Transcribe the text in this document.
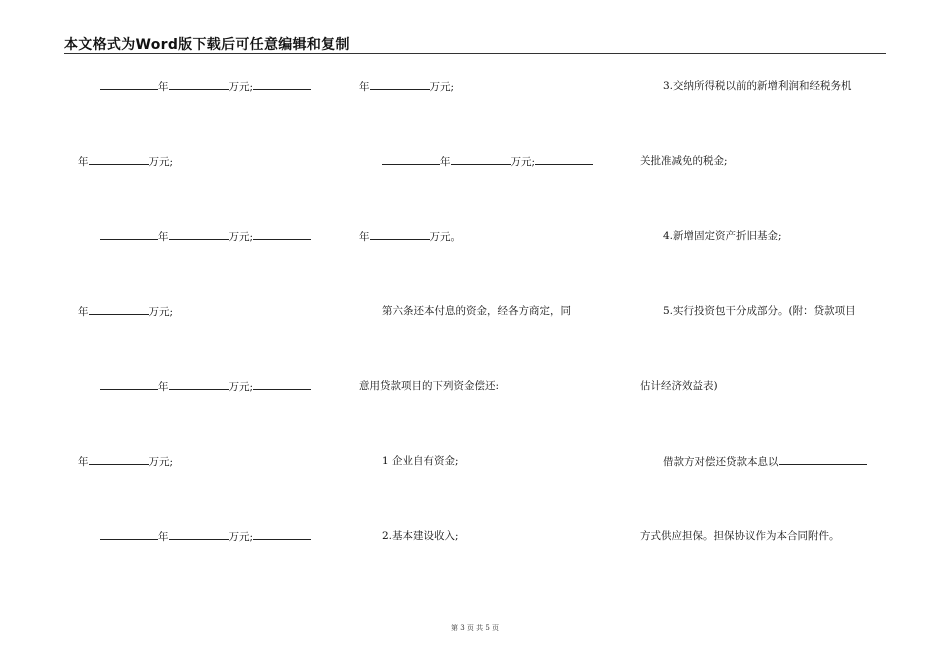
本文格式为Word版下载后可任意编辑和复制
年	万元;
年	万元;
年	万元;
年	万元;
年	万元;
年	万元;
年	万元;
年	万元;
年	万元;
年	万元。
第六条还本付息的资金，经各方商定，同
意用贷款项目的下列资金偿还:
1 企业自有资金;
2.基本建设收入;
3.交纳所得税以前的新增利润和经税务机
关批准减免的税金;
4.新增固定资产折旧基金;
5.实行投资包干分成部分。(附：贷款项目
估计经济效益表)
借款方对偿还贷款本息以
方式供应担保。担保协议作为本合同附件。
第 3 页 共 5 页
